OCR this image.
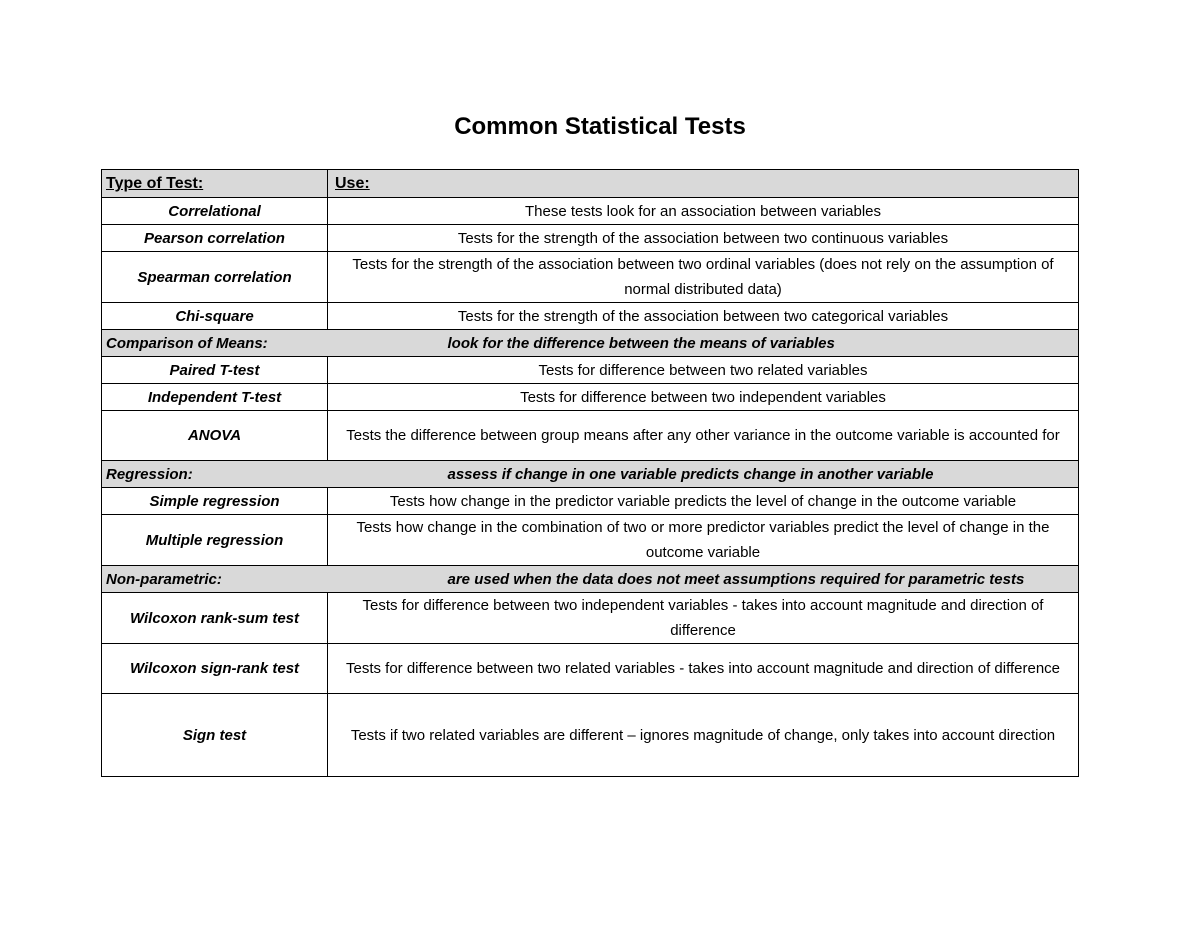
Common Statistical Tests
Type of Test:	Use:
Correlational	These tests look for an association between variables
Pearson correlation	Tests for the strength of the association between two continuous variables
Spearman correlation	Tests for the strength of the association between two ordinal variables (does not rely on the assumption of normal distributed data)
Chi-square	Tests for the strength of the association between two categorical variables
Comparison of Means:	look for the difference between the means of variables
Paired T-test	Tests for difference between two related variables
Independent T-test	Tests for difference between two independent variables
ANOVA	Tests the difference between group means after any other variance in the outcome variable is accounted for
Regression:	assess if change in one variable predicts change in another variable
Simple regression	Tests how change in the predictor variable predicts the level of change in the outcome variable
Multiple regression	Tests how change in the combination of two or more predictor variables predict the level of change in the outcome variable
Non-parametric:	are used when the data does not meet assumptions required for parametric tests
Wilcoxon rank-sum test	Tests for difference between two independent variables - takes into account magnitude and direction of difference
Wilcoxon sign-rank test	Tests for difference between two related variables - takes into account magnitude and direction of difference
Sign test	Tests if two related variables are different – ignores magnitude of change, only takes into account direction
